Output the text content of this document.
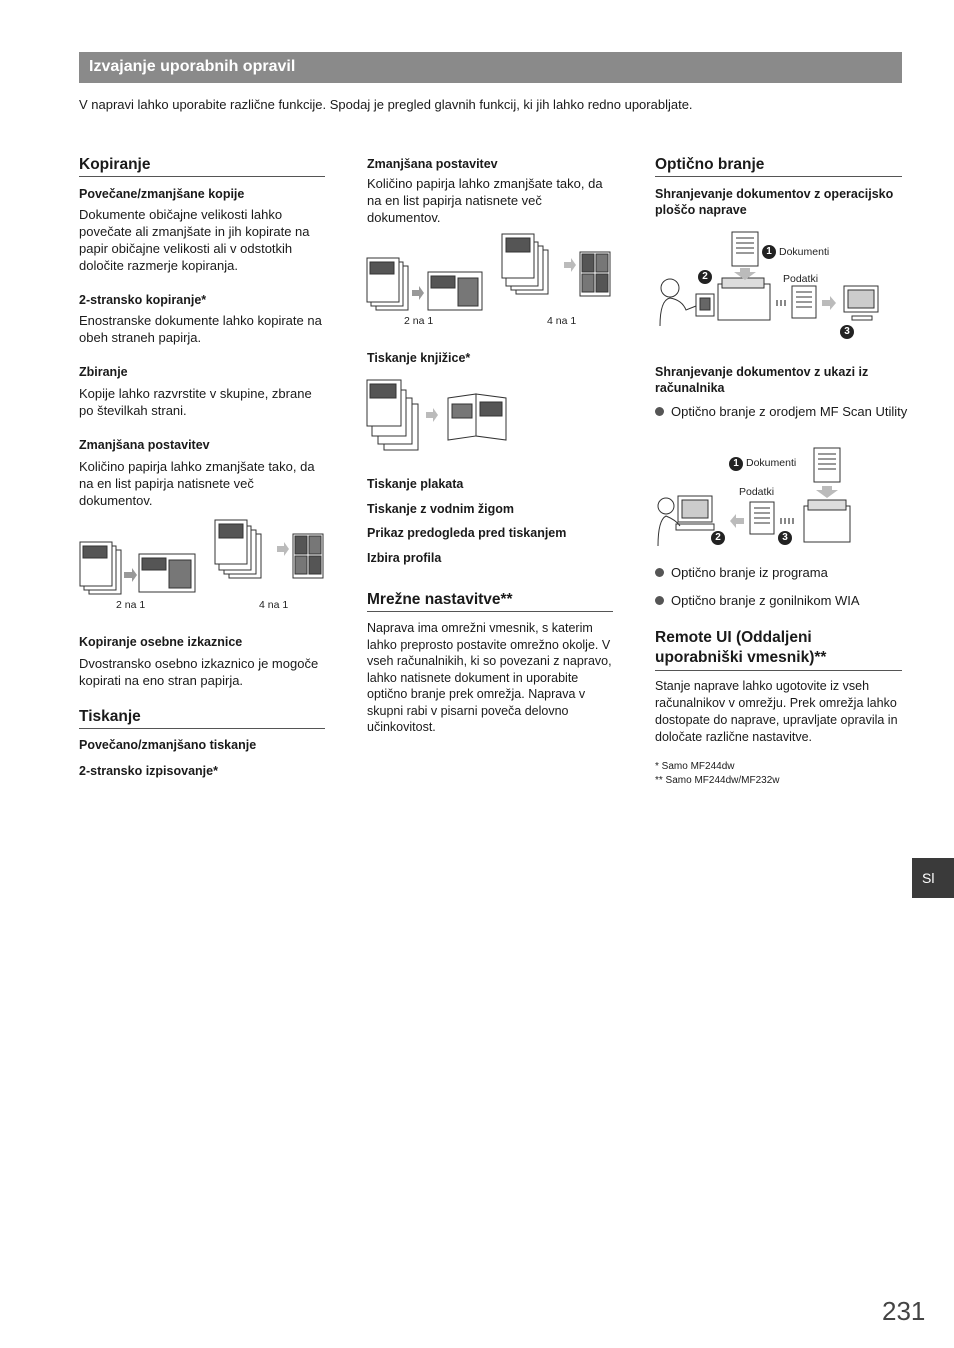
Izvajanje uporabnih opravil
V napravi lahko uporabite različne funkcije. Spodaj je pregled glavnih funkcij, ki jih lahko redno uporabljate.
Kopiranje
Povečane/zmanjšane kopije
Dokumente običajne velikosti lahko povečate ali zmanjšate in jih kopirate na papir običajne velikosti ali v odstotkih določite razmerje kopiranja.
2-stransko kopiranje*
Enostranske dokumente lahko kopirate na obeh straneh papirja.
Zbiranje
Kopije lahko razvrstite v skupine, zbrane po številkah strani.
Zmanjšana postavitev
Količino papirja lahko zmanjšate tako, da na en list papirja natisnete več dokumentov.
2 na 1	4 na 1
Kopiranje osebne izkaznice
Dvostransko osebno izkaznico je mogoče kopirati na eno stran papirja.
Tiskanje
Povečano/zmanjšano tiskanje
2-stransko izpisovanje*
Zmanjšana postavitev
Količino papirja lahko zmanjšate tako, da na en list papirja natisnete več dokumentov.
2 na 1	4 na 1
Tiskanje knjižice*
Tiskanje plakata
Tiskanje z vodnim žigom
Prikaz predogleda pred tiskanjem
Izbira profila
Mrežne nastavitve**
Naprava ima omrežni vmesnik, s katerim lahko preprosto postavite omrežno okolje. V vseh računalnikih, ki so povezani z napravo, lahko natisnete dokument in uporabite optično branje prek omrežja. Naprava v skupni rabi v pisarni poveča delovno učinkovitost.
Optično branje
Shranjevanje dokumentov z operacijsko ploščo naprave
1 Dokumenti
2	Podatki
3
Shranjevanje dokumentov z ukazi iz računalnika
Optično branje z orodjem MF Scan Utility
1 Dokumenti
Podatki
2	3
Optično branje iz programa
Optično branje z gonilnikom WIA
Remote UI (Oddaljeni uporabniški vmesnik)**
Stanje naprave lahko ugotovite iz vseh računalnikov v omrežju. Prek omrežja lahko dostopate do naprave, upravljate opravila in določate različne nastavitve.
* Samo MF244dw
** Samo MF244dw/MF232w
Sl
231
